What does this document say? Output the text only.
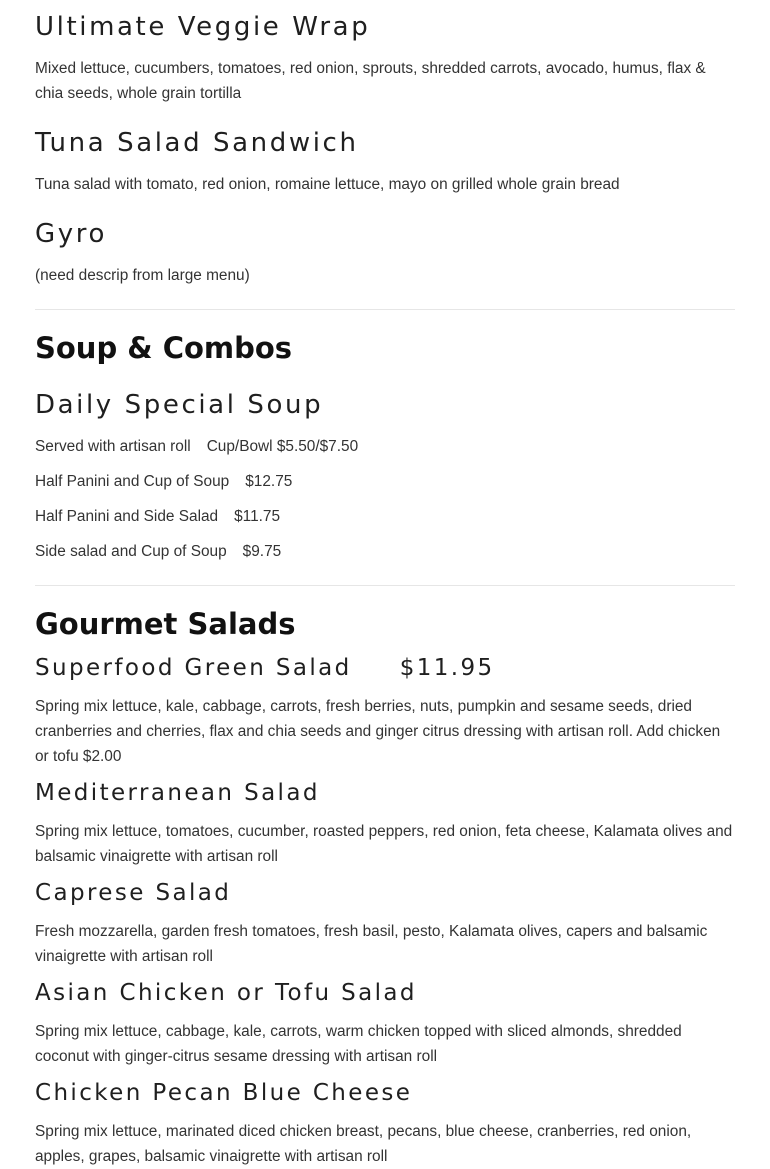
Ultimate Veggie Wrap

Mixed lettuce, cucumbers, tomatoes, red onion, sprouts, shredded carrots, avocado, humus, flax & chia seeds, whole grain tortilla

Tuna Salad Sandwich

Tuna salad with tomato, red onion, romaine lettuce, mayo on grilled whole grain bread

Gyro

(need descrip from large menu)

Soup & Combos
Daily Special Soup

Served with artisan roll Cup/Bowl $5.50/$7.50

Half Panini and Cup of Soup $12.75

Half Panini and Side Salad $11.75

Side salad and Cup of Soup $9.75

Gourmet Salads
Superfood Green Salad $11.95

Spring mix lettuce, kale, cabbage, carrots, fresh berries, nuts, pumpkin and sesame seeds, dried cranberries and cherries, flax and chia seeds and ginger citrus dressing with artisan roll. Add chicken or tofu $2.00

Mediterranean Salad

Spring mix lettuce, tomatoes, cucumber, roasted peppers, red onion, feta cheese, Kalamata olives and balsamic vinaigrette with artisan roll

Caprese Salad

Fresh mozzarella, garden fresh tomatoes, fresh basil, pesto, Kalamata olives, capers and balsamic vinaigrette with artisan roll

Asian Chicken or Tofu Salad

Spring mix lettuce, cabbage, kale, carrots, warm chicken topped with sliced almonds, shredded coconut with ginger-citrus sesame dressing with artisan roll

Chicken Pecan Blue Cheese

Spring mix lettuce, marinated diced chicken breast, pecans, blue cheese, cranberries, red onion, apples, grapes, balsamic vinaigrette with artisan roll
